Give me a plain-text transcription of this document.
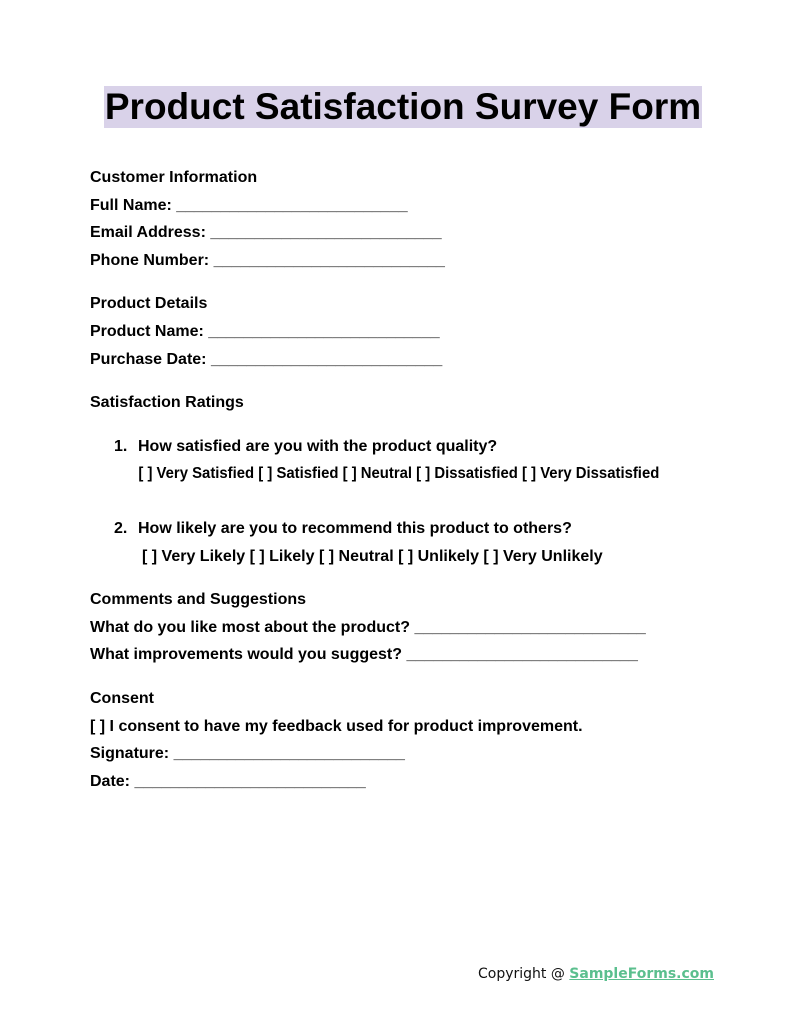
Product Satisfaction Survey Form
Customer Information
Full Name: __________________________
Email Address: __________________________
Phone Number: __________________________
Product Details
Product Name: __________________________
Purchase Date: __________________________
Satisfaction Ratings
1. How satisfied are you with the product quality?
[ ] Very Satisfied [ ] Satisfied [ ] Neutral [ ] Dissatisfied [ ] Very Dissatisfied
2. How likely are you to recommend this product to others?
[ ] Very Likely [ ] Likely [ ] Neutral [ ] Unlikely [ ] Very Unlikely
Comments and Suggestions
What do you like most about the product? __________________________
What improvements would you suggest? __________________________
Consent
[ ] I consent to have my feedback used for product improvement.
Signature: __________________________
Date: __________________________
Copyright @ SampleForms.com
